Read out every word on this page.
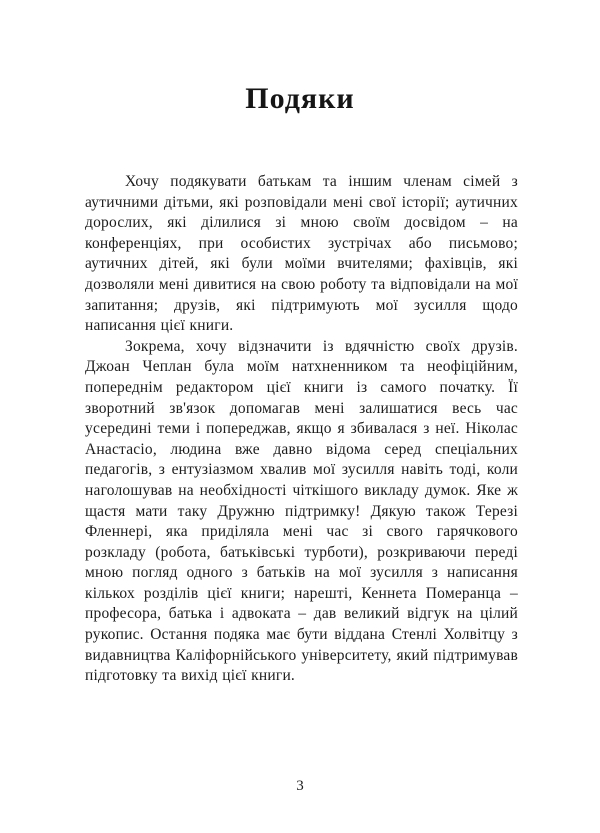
Подяки

Хочу подякувати батькам та іншим членам сімей з аутичними дітьми, які розповідали мені свої історії; аутичних дорослих, які ділилися зі мною своїм досвідом – на конференціях, при особистих зустрічах або письмово; аутичних дітей, які були моїми вчителями; фахівців, які дозволяли мені дивитися на свою роботу та відповідали на мої запитання; друзів, які підтримують мої зусилля щодо написання цієї книги.

Зокрема, хочу відзначити із вдячністю своїх друзів. Джоан Чеплан була моїм натхненником та неофіційним, попереднім редактором цієї книги із самого початку. Її зворотний зв'язок допомагав мені залишатися весь час усередині теми і попереджав, якщо я збивалася з неї. Ніколас Анастасіо, людина вже давно відома серед спеціальних педагогів, з ентузіазмом хвалив мої зусилля навіть тоді, коли наголошував на необхідності чіткішого викладу думок. Яке ж щастя мати таку Дружню підтримку! Дякую також Терезі Фленнері, яка приділяла мені час зі свого гарячкового розкладу (робота, батьківські турботи), розкриваючи переді мною погляд одного з батьків на мої зусилля з написання кількох розділів цієї книги; нарешті, Кеннета Померанца – професора, батька і адвоката – дав великий відгук на цілий рукопис. Остання подяка має бути віддана Стенлі Холвітцу з видавництва Каліфорнійського університету, який підтримував підготовку та вихід цієї книги.

3
